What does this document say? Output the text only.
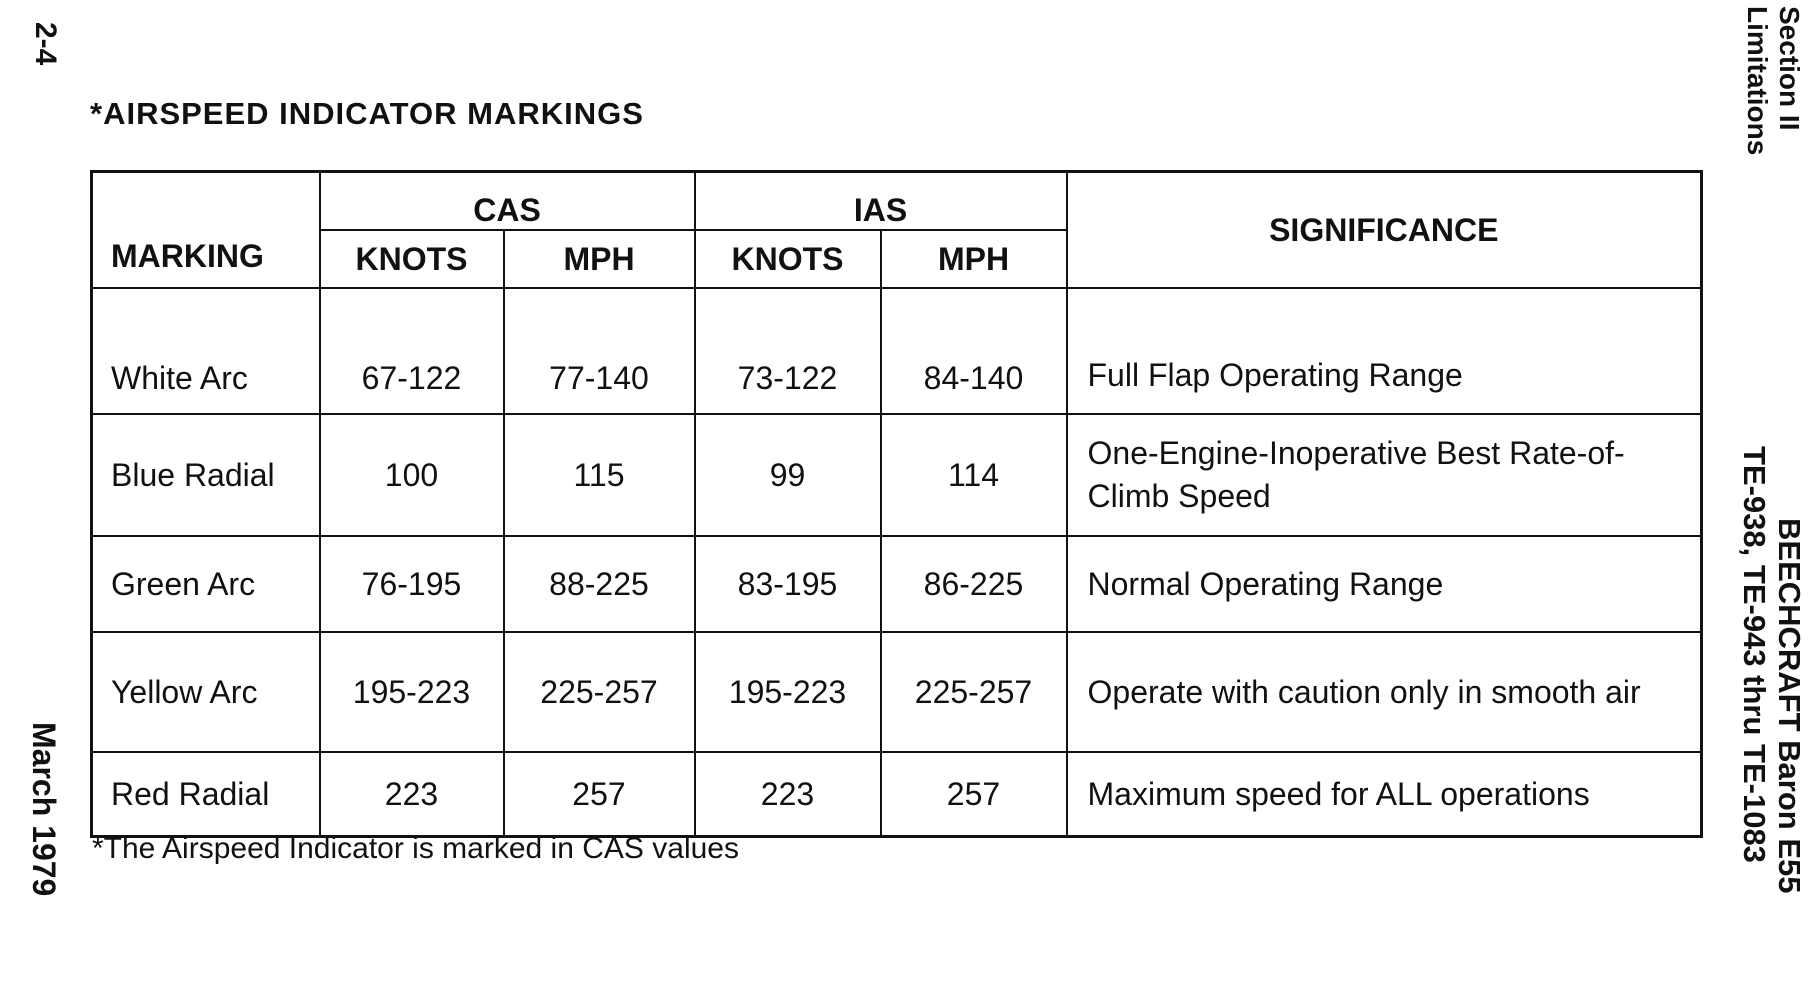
2-4
March 1979
Section II
Limitations
BEECHCRAFT Baron E55
TE-938, TE-943 thru TE-1083
*AIRSPEED INDICATOR MARKINGS
MARKING	CAS		IAS		SIGNIFICANCE
	KNOTS	MPH	KNOTS	MPH	
White Arc	67-122	77-140	73-122	84-140	Full Flap Operating Range
Blue Radial	100	115	99	114	One-Engine-Inoperative Best Rate-of-Climb Speed
Green Arc	76-195	88-225	83-195	86-225	Normal Operating Range
Yellow Arc	195-223	225-257	195-223	225-257	Operate with caution only in smooth air
Red Radial	223	257	223	257	Maximum speed for ALL operations
*The Airspeed Indicator is marked in CAS values
